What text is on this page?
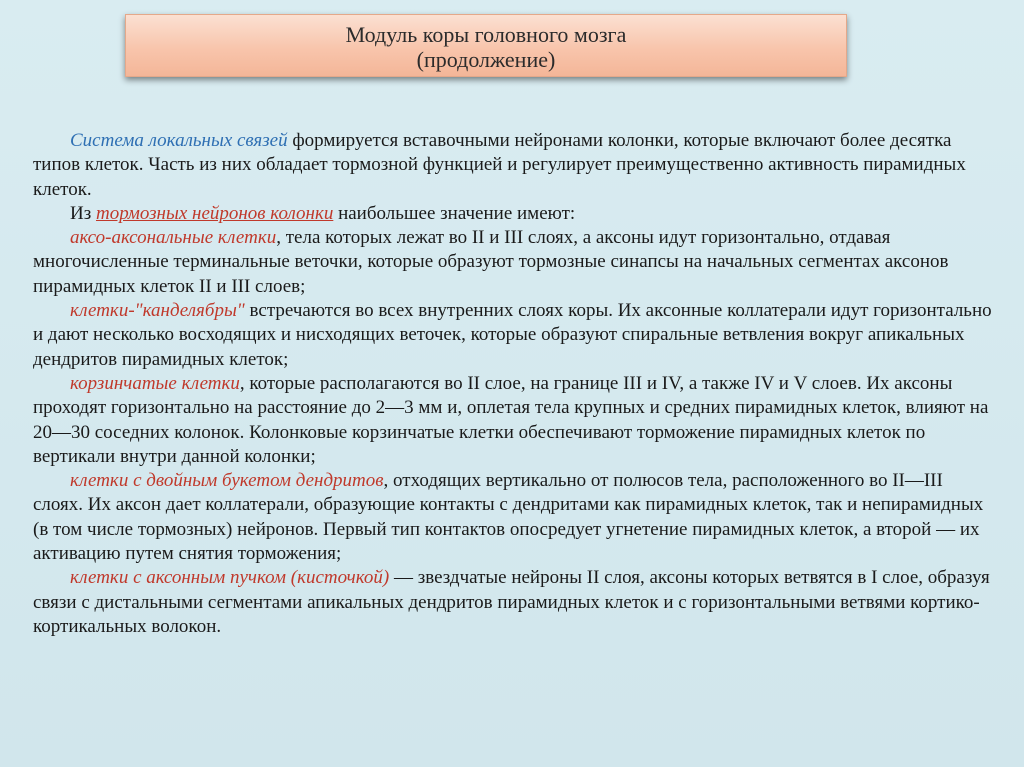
Модуль коры головного мозга
(продолжение)

Система локальных связей формируется вставочными нейронами колонки, которые включают более десятка типов клеток. Часть из них обладает тормозной функцией и регулирует преимущественно активность пирамидных клеток.

Из тормозных нейронов колонки наибольшее значение имеют:

аксо-аксональные клетки, тела которых лежат во II и III слоях, а аксоны идут горизонтально, отдавая многочисленные терминальные веточки, которые образуют тормозные синапсы на начальных сегментах аксонов пирамидных клеток II и III слоев;

клетки-"канделябры" встречаются во всех внутренних слоях коры. Их аксонные коллатерали идут горизонтально и дают несколько восходящих и нисходящих веточек, которые образуют спиральные ветвления вокруг апикальных дендритов пирамидных клеток;

корзинчатые клетки, которые располагаются во II слое, на границе III и IV, а также IV и V слоев. Их аксоны проходят горизонтально на расстояние до 2—3 мм и, оплетая тела крупных и средних пирамидных клеток, влияют на 20—30 соседних колонок. Колонковые корзинчатые клетки обеспечивают торможение пирамидных клеток по вертикали внутри данной колонки;

клетки с двойным букетом дендритов, отходящих вертикально от полюсов тела, расположенного во II—III слоях. Их аксон дает коллатерали, образующие контакты с дендритами как пирамидных клеток, так и непирамидных (в том числе тормозных) нейронов. Первый тип контактов опосредует угнетение пирамидных клеток, а второй — их активацию путем снятия торможения;

клетки с аксонным пучком (кисточкой) — звездчатые нейроны II слоя, аксоны которых ветвятся в I слое, образуя связи с дистальными сегментами апикальных дендритов пирамидных клеток и с горизонтальными ветвями кортико-кортикальных волокон.
